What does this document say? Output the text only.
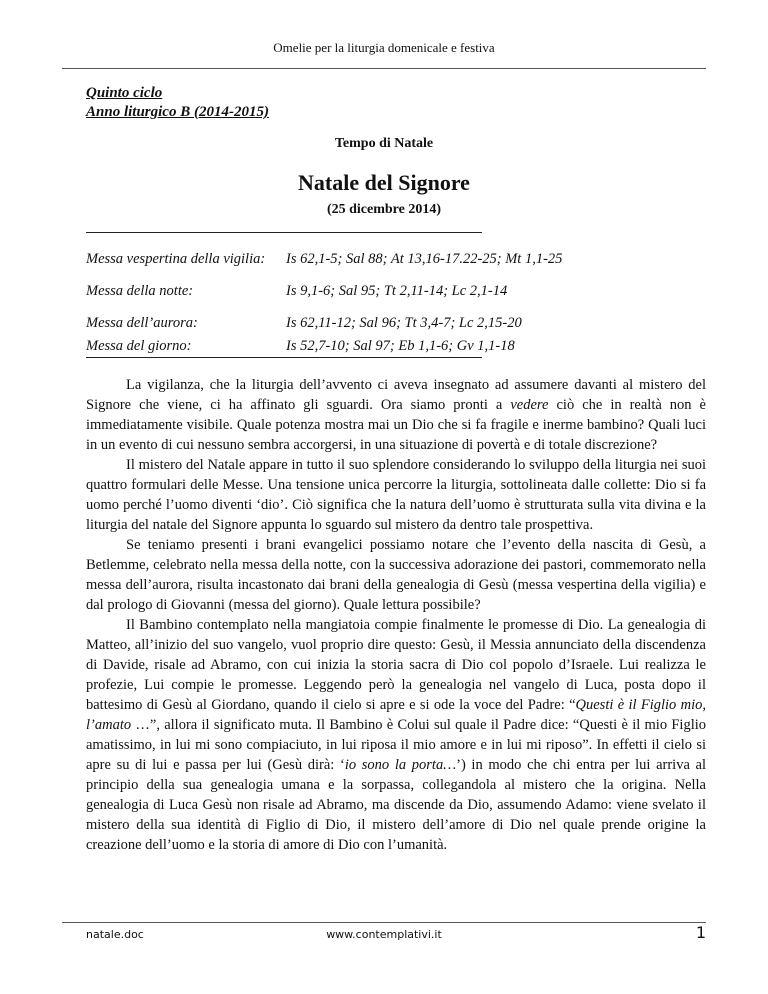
Omelie per la liturgia domenicale e festiva
Quinto ciclo
Anno liturgico B (2014-2015)
Tempo di Natale
Natale del Signore
(25 dicembre 2014)
Messa vespertina della vigilia: Is 62,1-5; Sal 88; At 13,16-17.22-25; Mt 1,1-25
Messa della notte:	Is 9,1-6; Sal 95; Tt 2,11-14; Lc 2,1-14
Messa dell’aurora:	Is 62,11-12; Sal 96; Tt 3,4-7; Lc 2,15-20
Messa del giorno:	Is 52,7-10; Sal 97; Eb 1,1-6; Gv 1,1-18

La vigilanza, che la liturgia dell’avvento ci aveva insegnato ad assumere davanti al mistero del Signore che viene, ci ha affinato gli sguardi. Ora siamo pronti a vedere ciò che in realtà non è immediatamente visibile. Quale potenza mostra mai un Dio che si fa fragile e inerme bambino? Quali luci in un evento di cui nessuno sembra accorgersi, in una situazione di povertà e di totale discrezione?

Il mistero del Natale appare in tutto il suo splendore considerando lo sviluppo della liturgia nei suoi quattro formulari delle Messe. Una tensione unica percorre la liturgia, sottolineata dalle collette: Dio si fa uomo perché l’uomo diventi ‘dio’. Ciò significa che la natura dell’uomo è strutturata sulla vita divina e la liturgia del natale del Signore appunta lo sguardo sul mistero da dentro tale prospettiva.

Se teniamo presenti i brani evangelici possiamo notare che l’evento della nascita di Gesù, a Betlemme, celebrato nella messa della notte, con la successiva adorazione dei pastori, commemorato nella messa dell’aurora, risulta incastonato dai brani della genealogia di Gesù (messa vespertina della vigilia) e dal prologo di Giovanni (messa del giorno). Quale lettura possibile?

Il Bambino contemplato nella mangiatoia compie finalmente le promesse di Dio. La genealogia di Matteo, all’inizio del suo vangelo, vuol proprio dire questo: Gesù, il Messia annunciato della discendenza di Davide, risale ad Abramo, con cui inizia la storia sacra di Dio col popolo d’Israele. Lui realizza le profezie, Lui compie le promesse. Leggendo però la genealogia nel vangelo di Luca, posta dopo il battesimo di Gesù al Giordano, quando il cielo si apre e si ode la voce del Padre: “Questi è il Figlio mio, l’amato …”, allora il significato muta. Il Bambino è Colui sul quale il Padre dice: “Questi è il mio Figlio amatissimo, in lui mi sono compiaciuto, in lui riposa il mio amore e in lui mi riposo”. In effetti il cielo si apre su di lui e passa per lui (Gesù dirà: ‘io sono la porta…’) in modo che chi entra per lui arriva al principio della sua genealogia umana e la sorpassa, collegandola al mistero che la origina. Nella genealogia di Luca Gesù non risale ad Abramo, ma discende da Dio, assumendo Adamo: viene svelato il mistero della sua identità di Figlio di Dio, il mistero dell’amore di Dio nel quale prende origine la creazione dell’uomo e la storia di amore di Dio con l’umanità.

natale.doc	www.contemplativi.it	1
